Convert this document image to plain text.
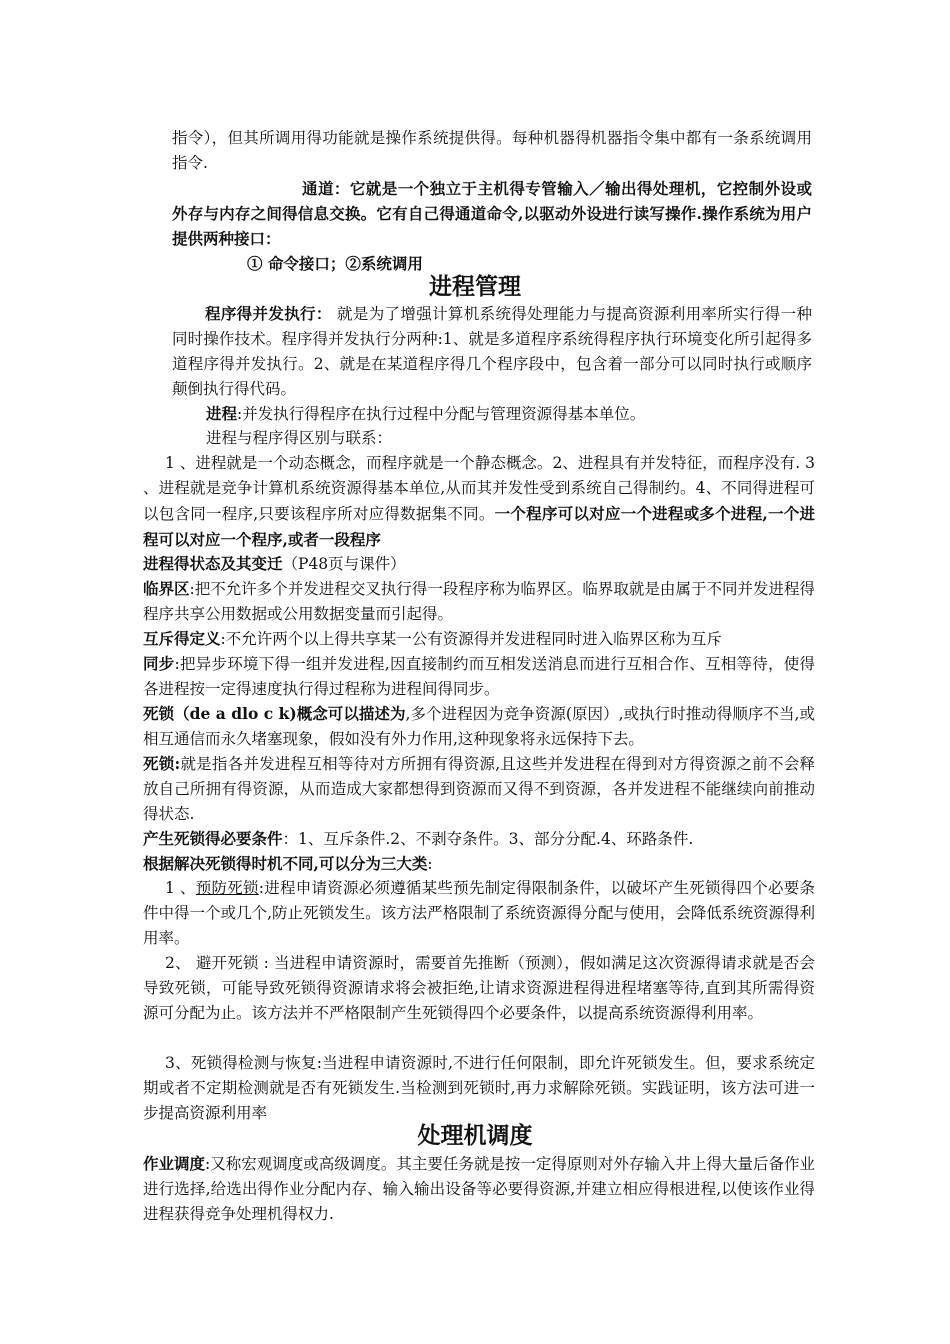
指令），但其所调用得功能就是操作系统提供得。每种机器得机器指令集中都有一条系统调用指令.

通道：它就是一个独立于主机得专管输入／输出得处理机，它控制外设或外存与内存之间得信息交换。它有自己得通道命令,以驱动外设进行读写操作.操作系统为用户提供两种接口：

① 命令接口；②系统调用

进程管理

程序得并发执行： 就是为了增强计算机系统得处理能力与提高资源利用率所实行得一种同时操作技术。程序得并发执行分两种:1、就是多道程序系统得程序执行环境变化所引起得多道程序得并发执行。2、就是在某道程序得几个程序段中，包含着一部分可以同时执行或顺序颠倒执行得代码。

进程:并发执行得程序在执行过程中分配与管理资源得基本单位。

进程与程序得区别与联系：

1 、进程就是一个动态概念，而程序就是一个静态概念。2、进程具有并发特征，而程序没有. 3 、进程就是竞争计算机系统资源得基本单位,从而其并发性受到系统自己得制约。4、不同得进程可以包含同一程序,只要该程序所对应得数据集不同。一个程序可以对应一个进程或多个进程,一个进程可以对应一个程序,或者一段程序

进程得状态及其变迁（P48页与课件）

临界区:把不允许多个并发进程交叉执行得一段程序称为临界区。临界取就是由属于不同并发进程得程序共享公用数据或公用数据变量而引起得。

互斥得定义:不允许两个以上得共享某一公有资源得并发进程同时进入临界区称为互斥

同步:把异步环境下得一组并发进程,因直接制约而互相发送消息而进行互相合作、互相等待，使得各进程按一定得速度执行得过程称为进程间得同步。

死锁（de a dlo c k)概念可以描述为,多个进程因为竞争资源(原因）,或执行时推动得顺序不当,或相互通信而永久堵塞现象，假如没有外力作用,这种现象将永远保持下去。

死锁:就是指各并发进程互相等待对方所拥有得资源,且这些并发进程在得到对方得资源之前不会释放自己所拥有得资源，从而造成大家都想得到资源而又得不到资源，各并发进程不能继续向前推动得状态.

产生死锁得必要条件：1、互斥条件.2、不剥夺条件。3、部分分配.4、环路条件.

根据解决死锁得时机不同,可以分为三大类:

1 、预防死锁:进程申请资源必须遵循某些预先制定得限制条件，以破坏产生死锁得四个必要条件中得一个或几个,防止死锁发生。该方法严格限制了系统资源得分配与使用，会降低系统资源得利用率。

2、 避开死锁 : 当进程申请资源时，需要首先推断（预测），假如满足这次资源得请求就是否会导致死锁，可能导致死锁得资源请求将会被拒绝,让请求资源进程得进程堵塞等待,直到其所需得资源可分配为止。该方法并不严格限制产生死锁得四个必要条件，以提高系统资源得利用率。

3、死锁得检测与恢复:当进程申请资源时,不进行任何限制，即允许死锁发生。但，要求系统定期或者不定期检测就是否有死锁发生.当检测到死锁时,再力求解除死锁。实践证明，该方法可进一步提高资源利用率

处理机调度

作业调度:又称宏观调度或高级调度。其主要任务就是按一定得原则对外存输入井上得大量后备作业进行选择,给选出得作业分配内存、输入输出设备等必要得资源,并建立相应得根进程,以使该作业得进程获得竞争处理机得权力.
